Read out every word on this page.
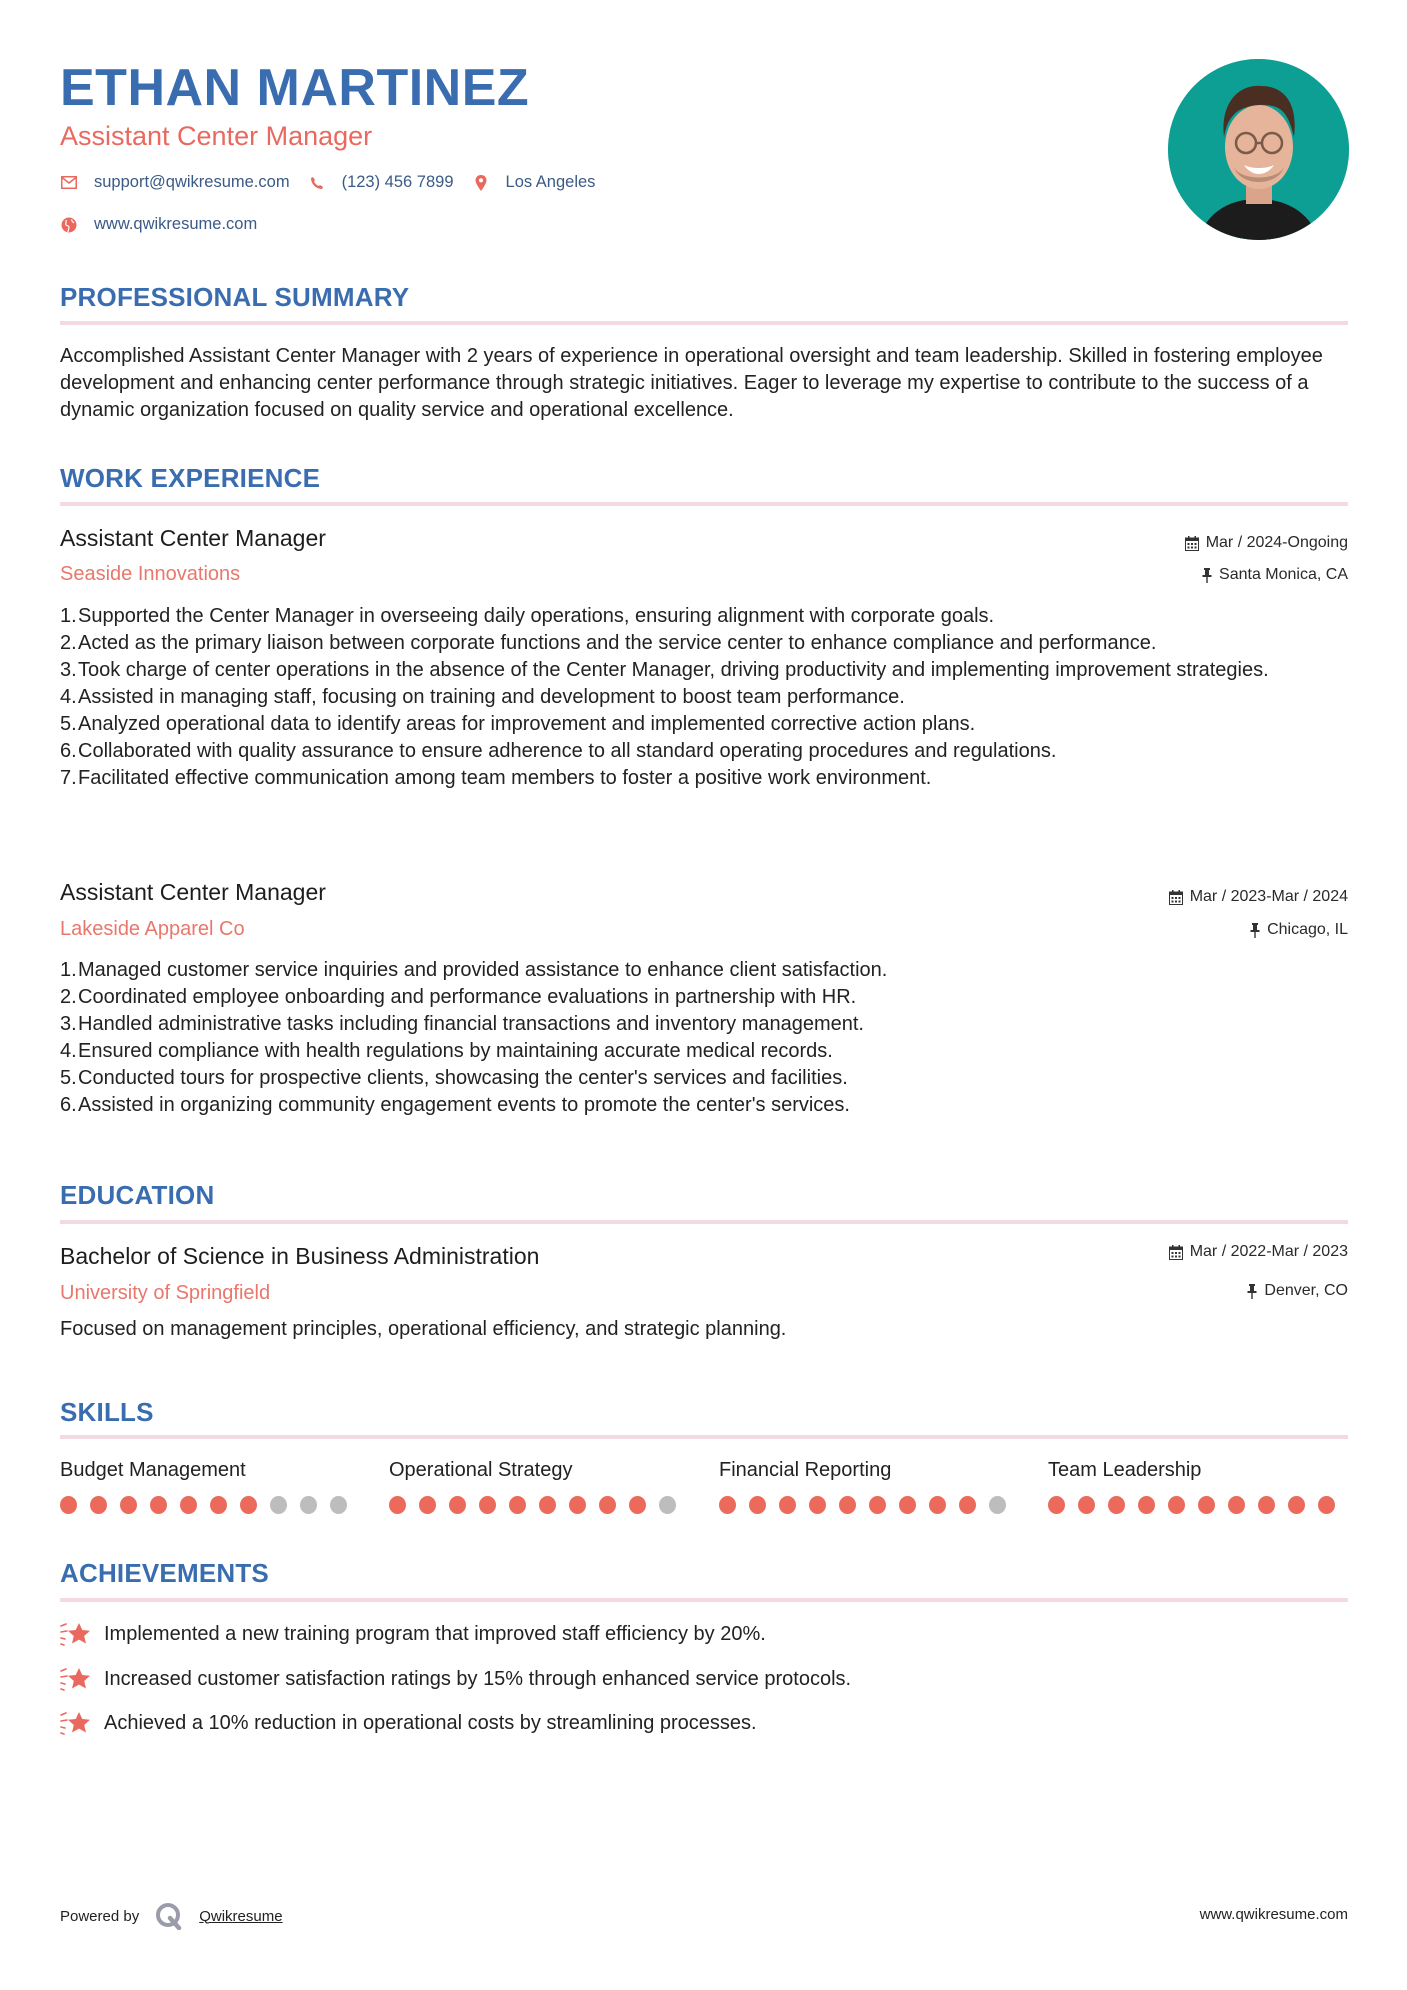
ETHAN MARTINEZ
Assistant Center Manager
support@qwikresume.com	(123) 456 7899	Los Angeles
www.qwikresume.com
PROFESSIONAL SUMMARY
Accomplished Assistant Center Manager with 2 years of experience in operational oversight and team leadership. Skilled in fostering employee development and enhancing center performance through strategic initiatives. Eager to leverage my expertise to contribute to the success of a dynamic organization focused on quality service and operational excellence.
WORK EXPERIENCE
Assistant Center Manager
Seaside Innovations
Mar / 2024-Ongoing
Santa Monica, CA
1. Supported the Center Manager in overseeing daily operations, ensuring alignment with corporate goals.
2. Acted as the primary liaison between corporate functions and the service center to enhance compliance and performance.
3. Took charge of center operations in the absence of the Center Manager, driving productivity and implementing improvement strategies.
4. Assisted in managing staff, focusing on training and development to boost team performance.
5. Analyzed operational data to identify areas for improvement and implemented corrective action plans.
6. Collaborated with quality assurance to ensure adherence to all standard operating procedures and regulations.
7. Facilitated effective communication among team members to foster a positive work environment.
Assistant Center Manager
Lakeside Apparel Co
Mar / 2023-Mar / 2024
Chicago, IL
1. Managed customer service inquiries and provided assistance to enhance client satisfaction.
2. Coordinated employee onboarding and performance evaluations in partnership with HR.
3. Handled administrative tasks including financial transactions and inventory management.
4. Ensured compliance with health regulations by maintaining accurate medical records.
5. Conducted tours for prospective clients, showcasing the center's services and facilities.
6. Assisted in organizing community engagement events to promote the center's services.
EDUCATION
Bachelor of Science in Business Administration
University of Springfield
Mar / 2022-Mar / 2023
Denver, CO
Focused on management principles, operational efficiency, and strategic planning.
SKILLS
Budget Management	Operational Strategy	Financial Reporting	Team Leadership
ACHIEVEMENTS
Implemented a new training program that improved staff efficiency by 20%.
Increased customer satisfaction ratings by 15% through enhanced service protocols.
Achieved a 10% reduction in operational costs by streamlining processes.
Powered by	Qwikresume	www.qwikresume.com
